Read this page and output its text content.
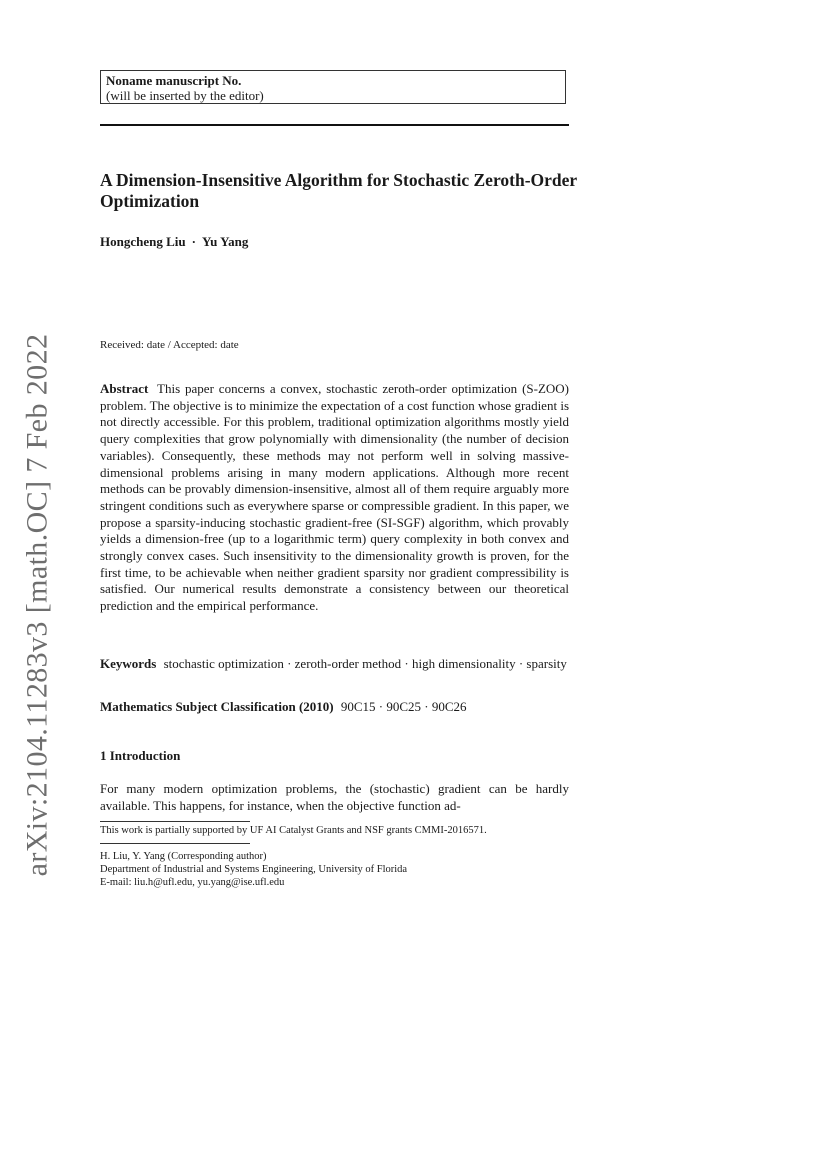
arXiv:2104.11283v3 [math.OC] 7 Feb 2022
Noname manuscript No.
(will be inserted by the editor)
A Dimension-Insensitive Algorithm for Stochastic Zeroth-Order Optimization
Hongcheng Liu · Yu Yang
Received: date / Accepted: date
Abstract This paper concerns a convex, stochastic zeroth-order optimization (S-ZOO) problem. The objective is to minimize the expectation of a cost function whose gradient is not directly accessible. For this problem, traditional optimization algorithms mostly yield query complexities that grow polynomially with dimensionality (the number of decision variables). Consequently, these methods may not perform well in solving massive-dimensional problems arising in many modern applications. Although more recent methods can be provably dimension-insensitive, almost all of them require arguably more stringent conditions such as everywhere sparse or compressible gradient. In this paper, we propose a sparsity-inducing stochastic gradient-free (SI-SGF) algorithm, which provably yields a dimension-free (up to a logarithmic term) query complexity in both convex and strongly convex cases. Such insensitivity to the dimensionality growth is proven, for the first time, to be achievable when neither gradient sparsity nor gradient compressibility is satisfied. Our numerical results demonstrate a consistency between our theoretical prediction and the empirical performance.
Keywords stochastic optimization · zeroth-order method · high dimensionality · sparsity
Mathematics Subject Classification (2010) 90C15 · 90C25 · 90C26
1 Introduction
For many modern optimization problems, the (stochastic) gradient can be hardly available. This happens, for instance, when the objective function ad-
This work is partially supported by UF AI Catalyst Grants and NSF grants CMMI-2016571.
H. Liu, Y. Yang (Corresponding author)
Department of Industrial and Systems Engineering, University of Florida
E-mail: liu.h@ufl.edu, yu.yang@ise.ufl.edu
